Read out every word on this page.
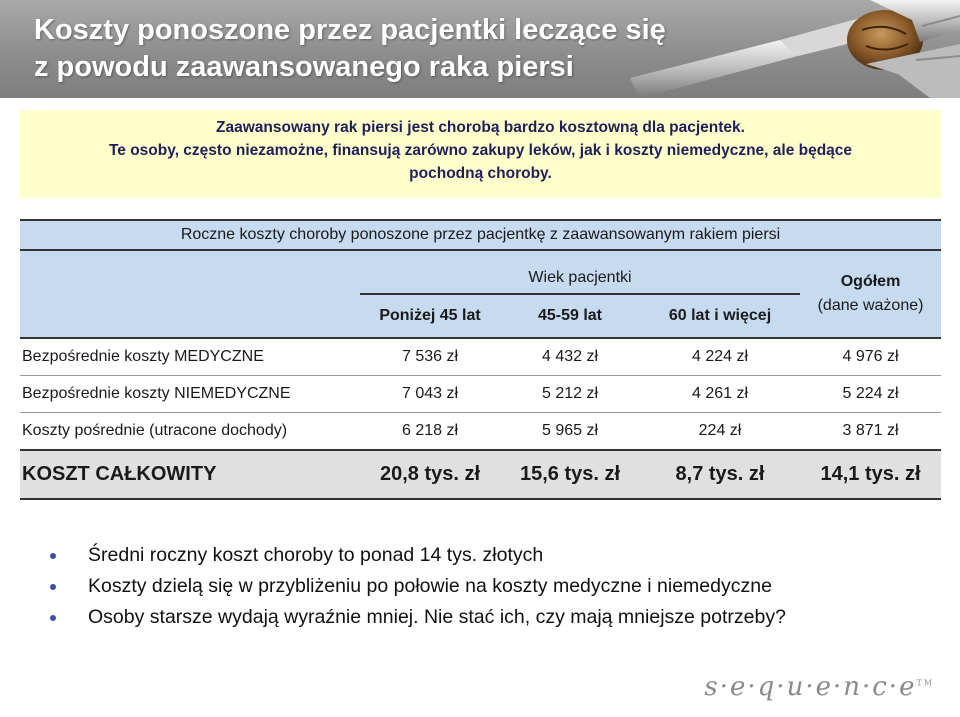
Koszty ponoszone przez pacjentki leczące się
z powodu zaawansowanego raka piersi

Zaawansowany rak piersi jest chorobą bardzo kosztowną dla pacjentek.

Te osoby, często niezamożne, finansują zarówno zakupy leków, jak i koszty niemedyczne, ale będące

pochodną choroby.

Roczne koszty choroby ponoszone przez pacjentkę z zaawansowanym rakiem piersi				
	Wiek pacjentki			Ogółem
(dane ważone)

	Poniżej 45 lat	45-59 lat	60 lat i więcej	
Bezpośrednie koszty MEDYCZNE	7 536 zł	4 432 zł	4 224 zł	4 976 zł
Bezpośrednie koszty NIEMEDYCZNE	7 043 zł	5 212 zł	4 261 zł	5 224 zł
Koszty pośrednie (utracone dochody)	6 218 zł	5 965 zł	224 zł	3 871 zł
KOSZT CAŁKOWITY	20,8 tys. zł	15,6 tys. zł	8,7 tys. zł	14,1 tys. zł
Średni roczny koszt choroby to ponad 14 tys. złotych
Koszty dzielą się w przybliżeniu po połowie na koszty medyczne i niemedyczne
Osoby starsze wydają wyraźnie mniej. Nie stać ich, czy mają mniejsze potrzeby?
s·e·q·u·e·n·c·e™
